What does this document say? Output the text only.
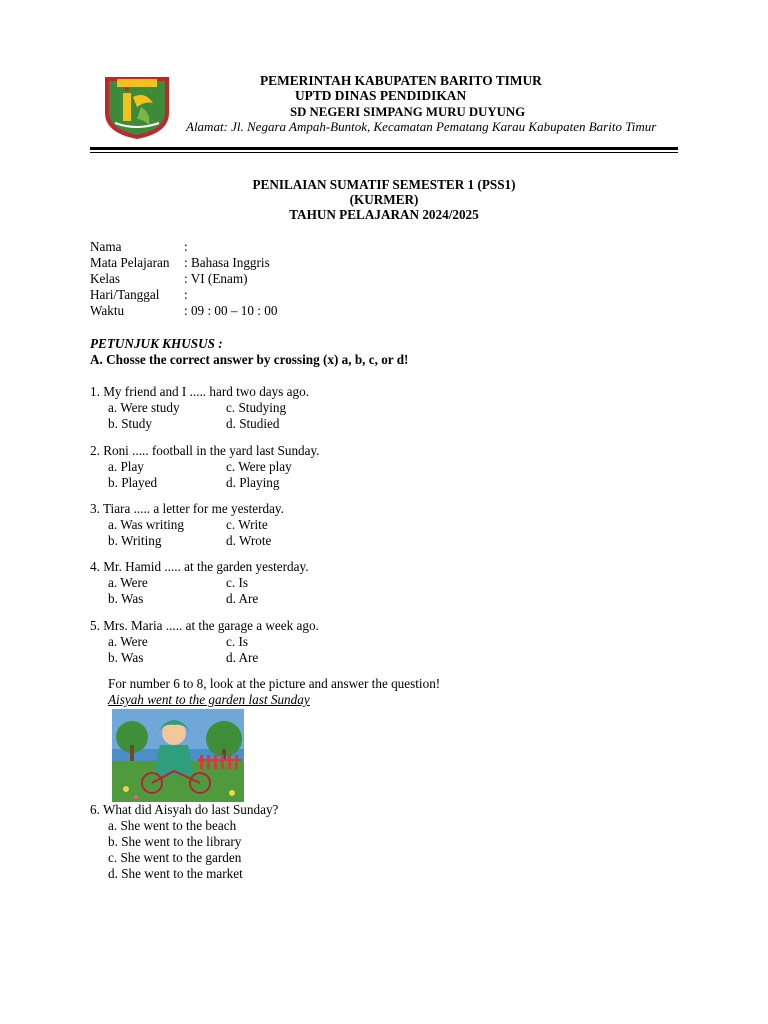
PEMERINTAH KABUPATEN BARITO TIMUR
UPTD DINAS PENDIDIKAN
SD NEGERI SIMPANG MURU DUYUNG
Alamat: Jl. Negara Ampah-Buntok, Kecamatan Pematang Karau Kabupaten Barito Timur
PENILAIAN SUMATIF SEMESTER 1 (PSS1)
(KURMER)
TAHUN PELAJARAN 2024/2025
Nama	:
Mata Pelajaran : Bahasa Inggris
Kelas	: VI (Enam)
Hari/Tanggal :
Waktu	: 09 : 00 – 10 : 00
PETUNJUK KHUSUS :
A. Chosse the correct answer by crossing (x) a, b, c, or d!
1. My friend and I ..... hard two days ago.
a. Were study	c. Studying
b. Study	d. Studied
2. Roni ..... football in the yard last Sunday.
a. Play	c. Were play
b. Played	d. Playing
3. Tiara ..... a letter for me yesterday.
a. Was writing	c. Write
b. Writing	d. Wrote
4. Mr. Hamid ..... at the garden yesterday.
a. Were	c. Is
b. Was	d. Are
5. Mrs. Maria ..... at the garage a week ago.
a. Were	c. Is
b. Was	d. Are
For number 6 to 8, look at the picture and answer the question!
Aisyah went to the garden last Sunday
6. What did Aisyah do last Sunday?
a. She went to the beach
b. She went to the library
c. She went to the garden
d. She went to the market
